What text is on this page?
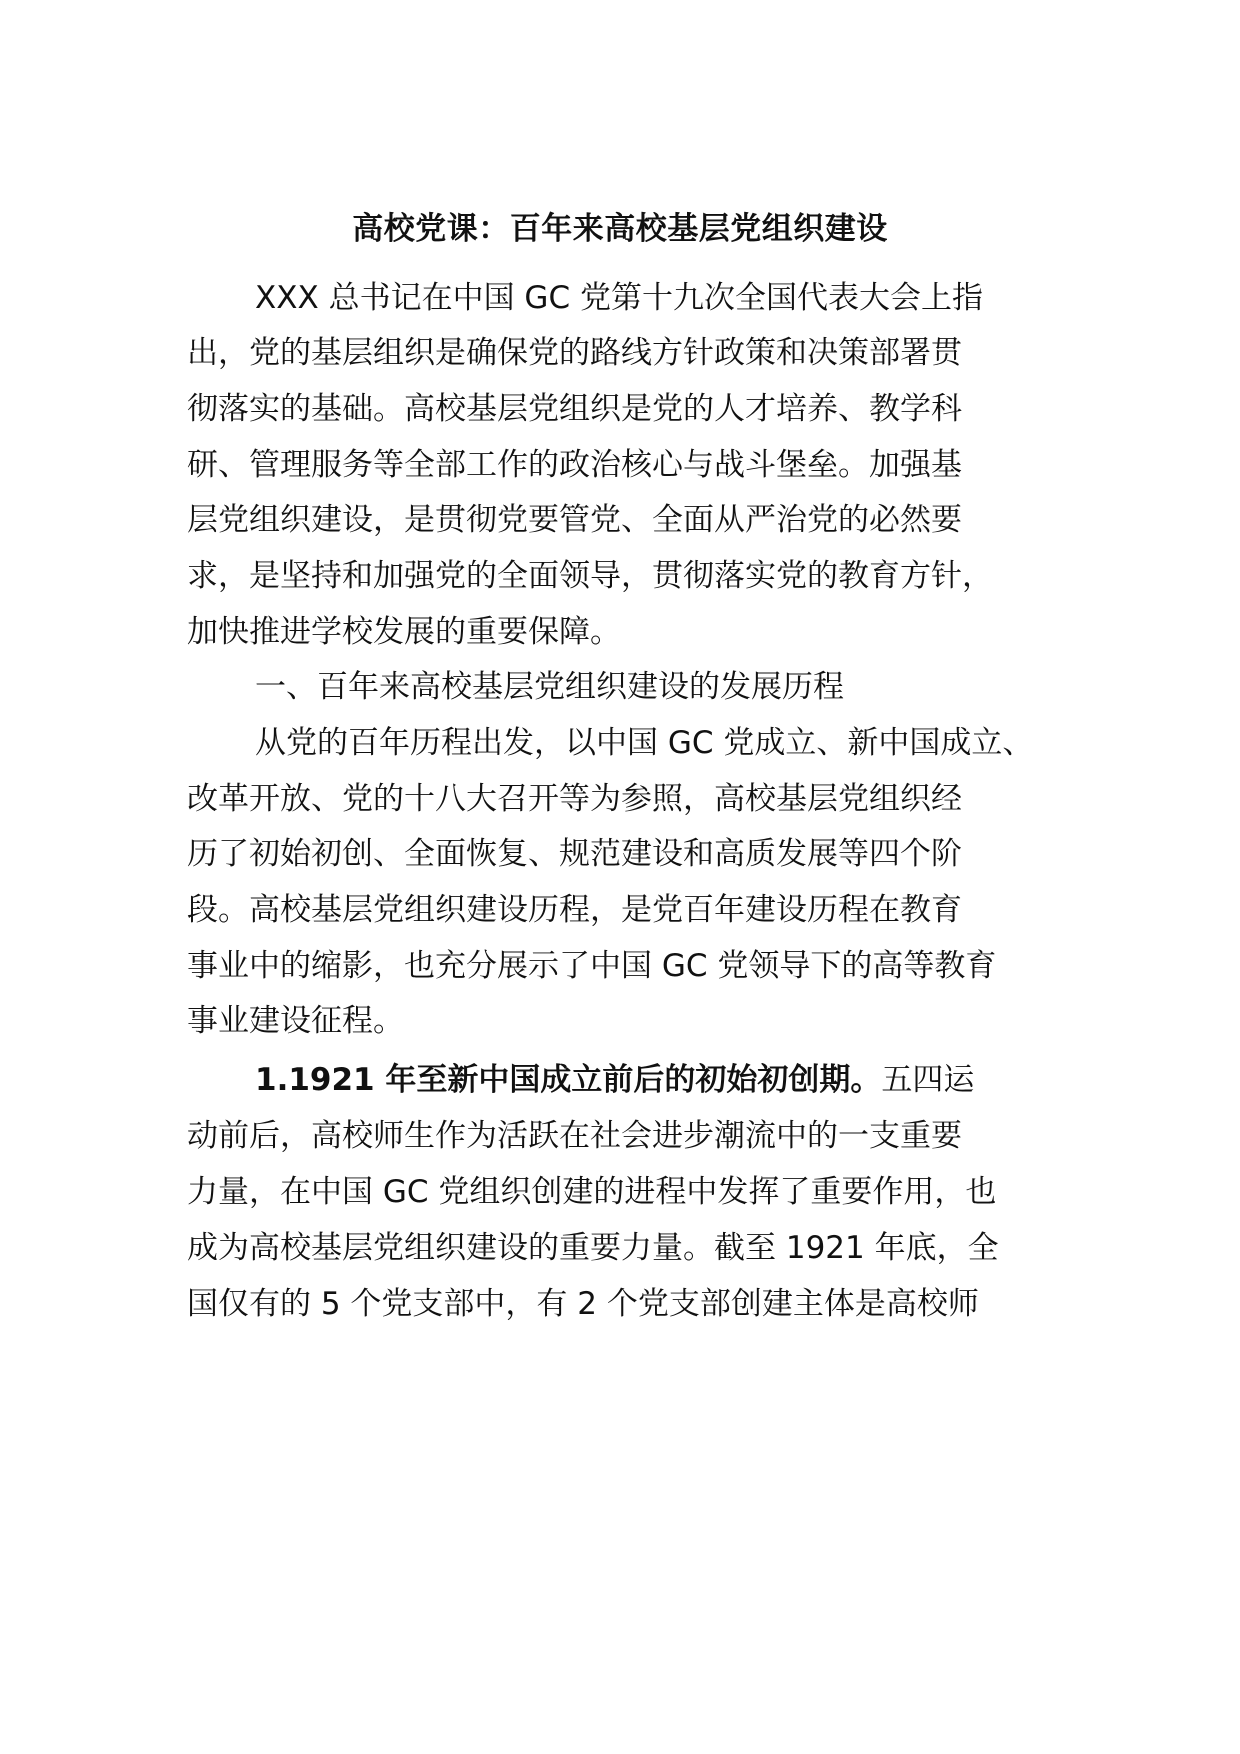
高校党课：百年来高校基层党组织建设
XXX 总书记在中国 GC 党第十九次全国代表大会上指
出，党的基层组织是确保党的路线方针政策和决策部署贯
彻落实的基础。高校基层党组织是党的人才培养、教学科
研、管理服务等全部工作的政治核心与战斗堡垒。加强基
层党组织建设，是贯彻党要管党、全面从严治党的必然要
求，是坚持和加强党的全面领导，贯彻落实党的教育方针，
加快推进学校发展的重要保障。
一、百年来高校基层党组织建设的发展历程
从党的百年历程出发，以中国 GC 党成立、新中国成立、
改革开放、党的十八大召开等为参照，高校基层党组织经
历了初始初创、全面恢复、规范建设和高质发展等四个阶
段。高校基层党组织建设历程，是党百年建设历程在教育
事业中的缩影，也充分展示了中国 GC 党领导下的高等教育
事业建设征程。
1.1921 年至新中国成立前后的初始初创期。五四运
动前后，高校师生作为活跃在社会进步潮流中的一支重要
力量，在中国 GC 党组织创建的进程中发挥了重要作用，也
成为高校基层党组织建设的重要力量。截至 1921 年底，全
国仅有的 5 个党支部中，有 2 个党支部创建主体是高校师
